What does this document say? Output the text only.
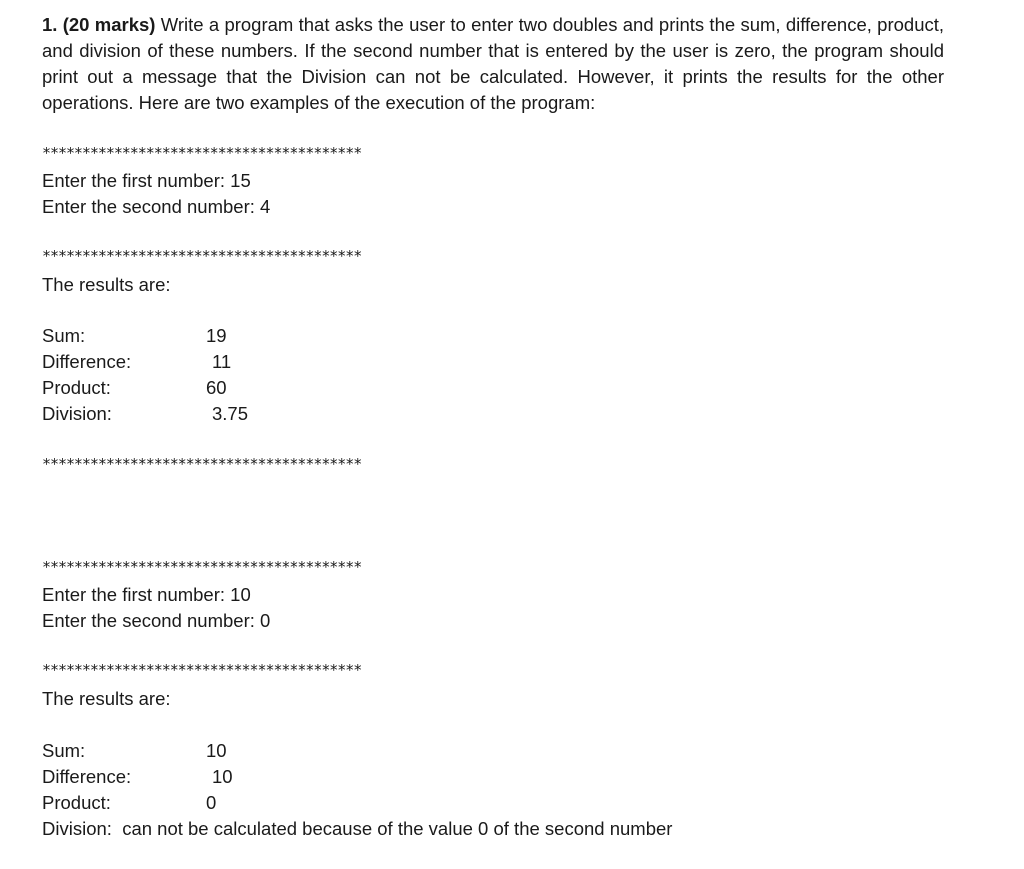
1. (20 marks) Write a program that asks the user to enter two doubles and prints the sum, difference, product, and division of these numbers. If the second number that is entered by the user is zero, the program should print out a message that the Division can not be calculated. However, it prints the results for the other operations. Here are two examples of the execution of the program:
****************************************
Enter the first number: 15
Enter the second number: 4
****************************************
The results are:
Sum:	19
Difference:	11
Product:	60
Division:	3.75
****************************************
****************************************
Enter the first number: 10
Enter the second number: 0
****************************************
The results are:
Sum:	10
Difference:	10
Product:	0
Division:  can not be calculated because of the value 0 of the second number
